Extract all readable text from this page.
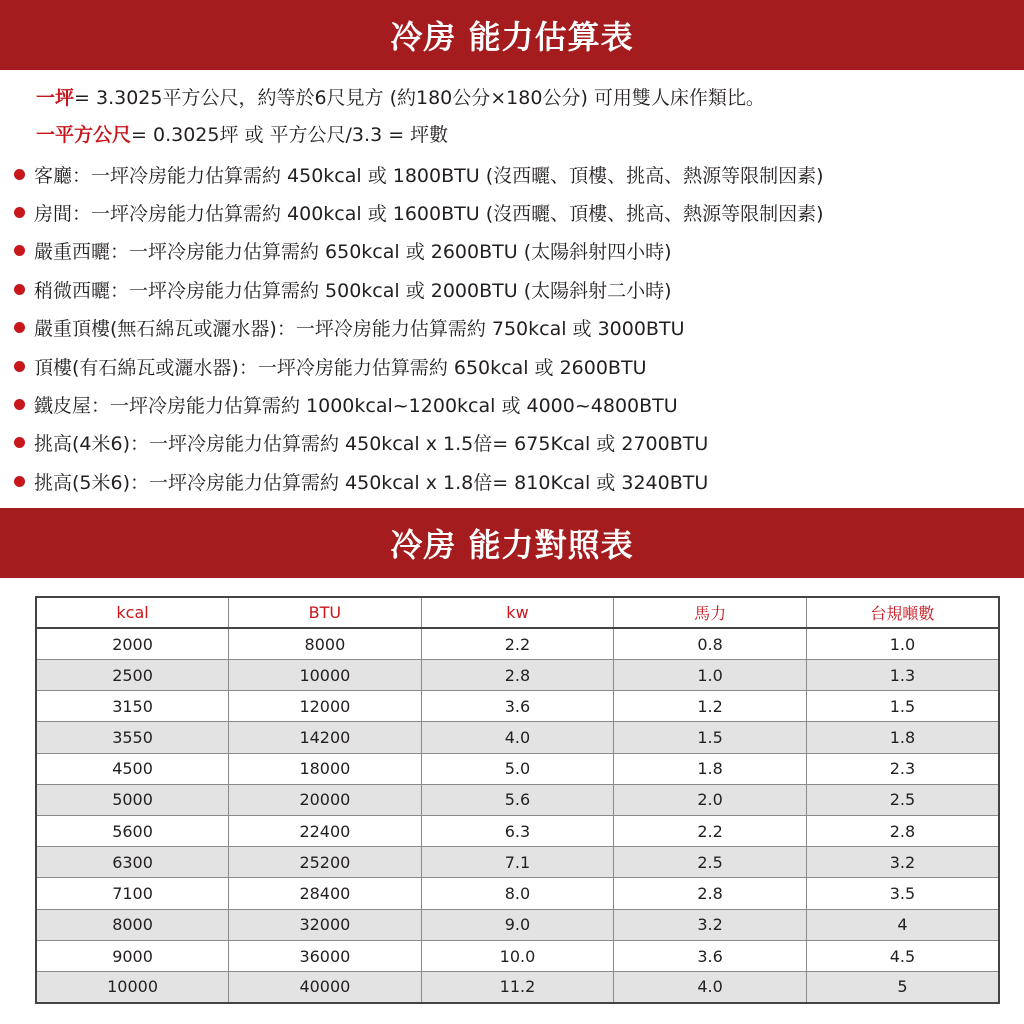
冷房 能力估算表
一坪 = 3.3025平方公尺，約等於6尺見方 (約180公分×180公分) 可用雙人床作類比。
一平方公尺 = 0.3025坪 或 平方公尺/3.3 = 坪數
客廳：一坪冷房能力估算需約 450kcal 或 1800BTU (沒西曬、頂樓、挑高、熱源等限制因素)
房間：一坪冷房能力估算需約 400kcal 或 1600BTU (沒西曬、頂樓、挑高、熱源等限制因素)
嚴重西曬：一坪冷房能力估算需約 650kcal 或 2600BTU (太陽斜射四小時)
稍微西曬：一坪冷房能力估算需約 500kcal 或 2000BTU (太陽斜射二小時)
嚴重頂樓(無石綿瓦或灑水器)：一坪冷房能力估算需約 750kcal 或 3000BTU
頂樓(有石綿瓦或灑水器)：一坪冷房能力估算需約 650kcal 或 2600BTU
鐵皮屋：一坪冷房能力估算需約 1000kcal~1200kcal 或 4000~4800BTU
挑高(4米6)：一坪冷房能力估算需約 450kcal x 1.5倍= 675Kcal 或 2700BTU
挑高(5米6)：一坪冷房能力估算需約 450kcal x 1.8倍= 810Kcal 或 3240BTU
冷房 能力對照表
kcal	BTU	kw	馬力	台規噸數
2000	8000	2.2	0.8	1.0
2500	10000	2.8	1.0	1.3
3150	12000	3.6	1.2	1.5
3550	14200	4.0	1.5	1.8
4500	18000	5.0	1.8	2.3
5000	20000	5.6	2.0	2.5
5600	22400	6.3	2.2	2.8
6300	25200	7.1	2.5	3.2
7100	28400	8.0	2.8	3.5
8000	32000	9.0	3.2	4
9000	36000	10.0	3.6	4.5
10000	40000	11.2	4.0	5
